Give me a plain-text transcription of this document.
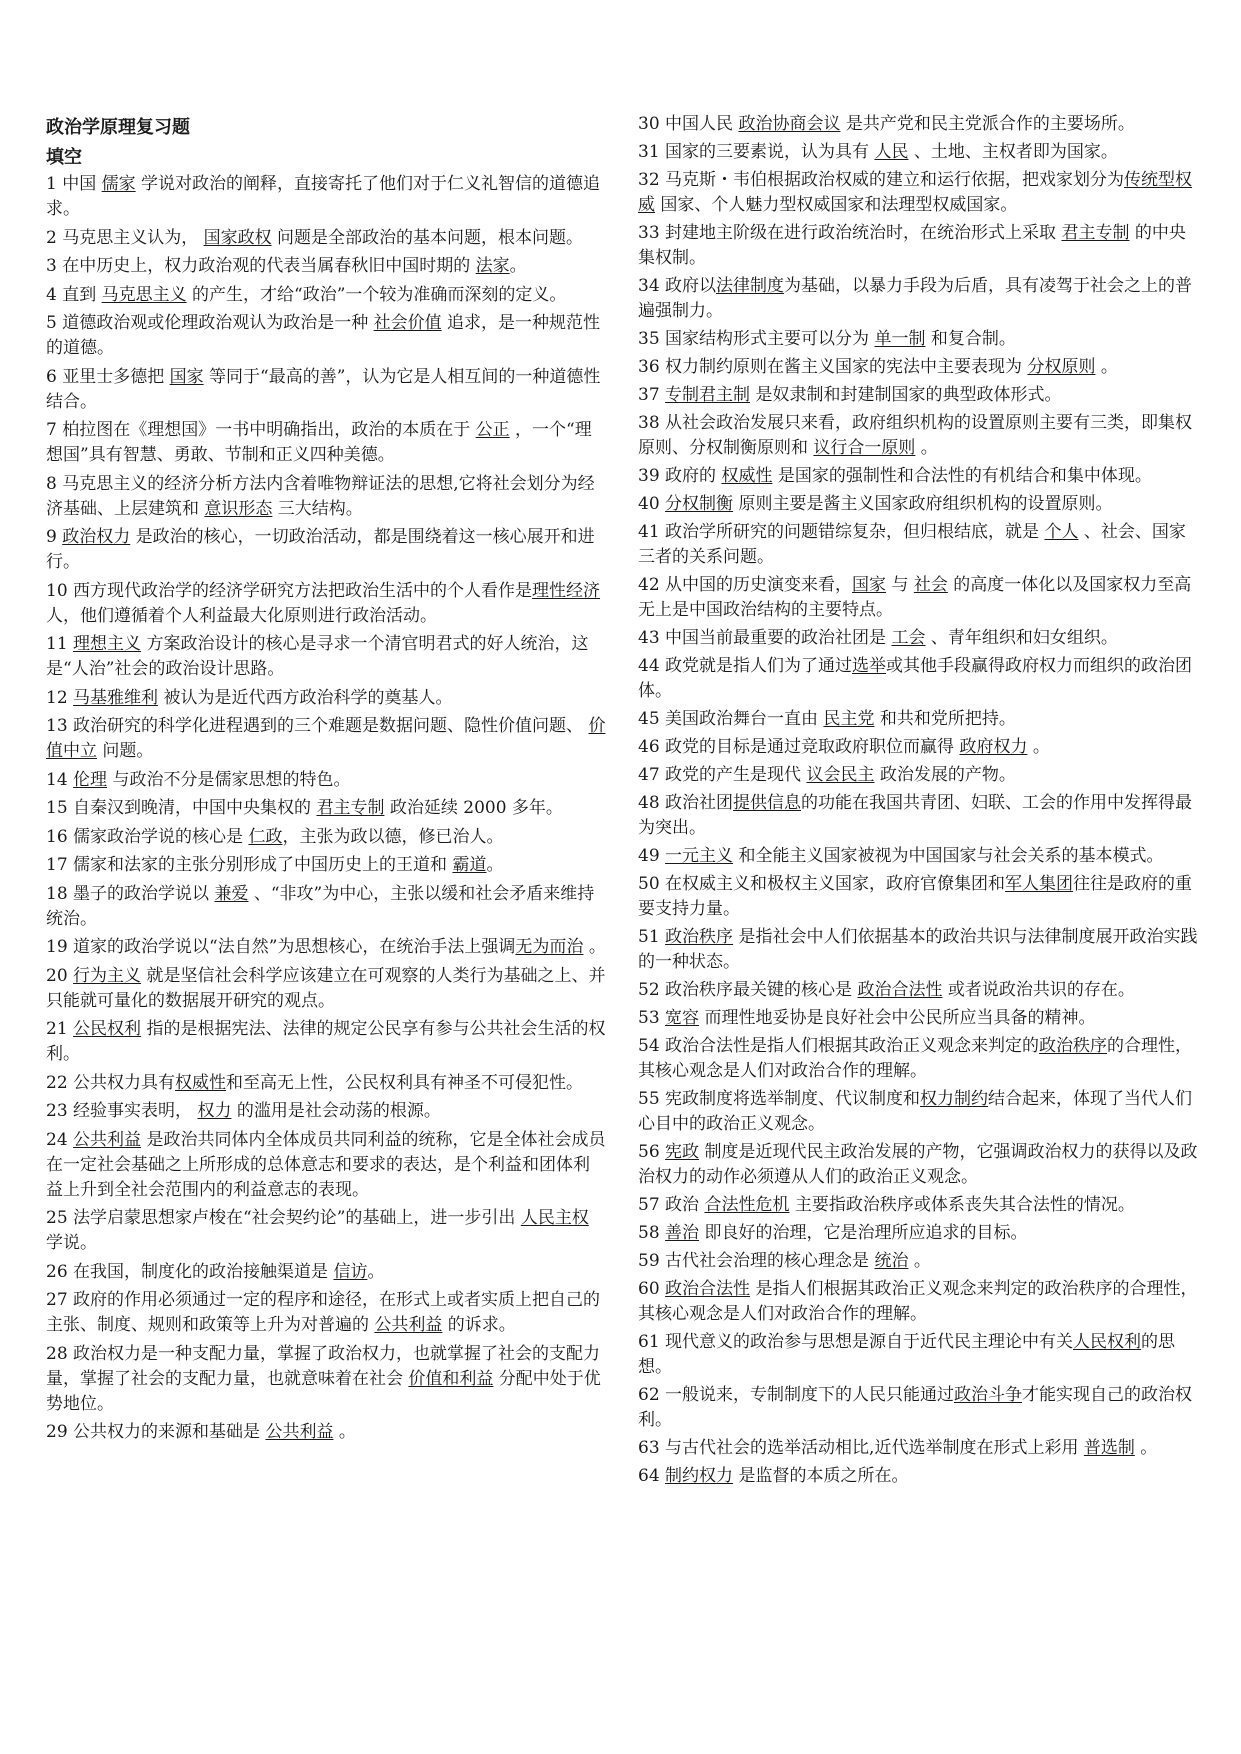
政治学原理复习题

填空

1 中国 儒家 学说对政治的阐释，直接寄托了他们对于仁义礼智信的道德追求。

2 马克思主义认为， 国家政权 问题是全部政治的基本问题，根本问题。

3 在中历史上，权力政治观的代表当属春秋旧中国时期的 法家。

4 直到 马克思主义 的产生，才给“政治”一个较为准确而深刻的定义。

5 道德政治观或伦理政治观认为政治是一种 社会价值 追求，是一种规范性的道德。

6 亚里士多德把 国家 等同于“最高的善”，认为它是人相互间的一种道德性结合。

7 柏拉图在《理想国》一书中明确指出，政治的本质在于 公正 ，一个“理想国”具有智慧、勇敢、节制和正义四种美德。

8 马克思主义的经济分析方法内含着唯物辩证法的思想,它将社会划分为经济基础、上层建筑和 意识形态 三大结构。

9 政治权力 是政治的核心，一切政治活动，都是围绕着这一核心展开和进行。

10 西方现代政治学的经济学研究方法把政治生活中的个人看作是理性经济 人，他们遵循着个人利益最大化原则进行政治活动。

11 理想主义 方案政治设计的核心是寻求一个清官明君式的好人统治，这是“人治”社会的政治设计思路。

12 马基雅维利 被认为是近代西方政治科学的奠基人。

13 政治研究的科学化进程遇到的三个难题是数据问题、隐性价值问题、 价值中立 问题。

14 伦理 与政治不分是儒家思想的特色。

15 自秦汉到晚清，中国中央集权的 君主专制 政治延续 2000 多年。

16 儒家政治学说的核心是 仁政，主张为政以德，修已治人。

17 儒家和法家的主张分别形成了中国历史上的王道和 霸道。

18 墨子的政治学说以 兼爱 、“非攻”为中心，主张以缓和社会矛盾来维持统治。

19 道家的政治学说以“法自然”为思想核心，在统治手法上强调无为而治 。

20 行为主义 就是坚信社会科学应该建立在可观察的人类行为基础之上、并只能就可量化的数据展开研究的观点。

21 公民权利 指的是根据宪法、法律的规定公民享有参与公共社会生活的权利。

22 公共权力具有权威性和至高无上性，公民权利具有神圣不可侵犯性。

23 经验事实表明， 权力 的滥用是社会动荡的根源。

24 公共利益 是政治共同体内全体成员共同利益的统称，它是全体社会成员在一定社会基础之上所形成的总体意志和要求的表达，是个利益和团体利益上升到全社会范围内的利益意志的表现。

25 法学启蒙思想家卢梭在“社会契约论”的基础上，进一步引出 人民主权 学说。

26 在我国，制度化的政治接触渠道是 信访。

27 政府的作用必须通过一定的程序和途径，在形式上或者实质上把自己的主张、制度、规则和政策等上升为对普遍的 公共利益 的诉求。

28 政治权力是一种支配力量，掌握了政治权力，也就掌握了社会的支配力量，掌握了社会的支配力量，也就意味着在社会 价值和利益 分配中处于优势地位。

29 公共权力的来源和基础是 公共利益 。

30 中国人民 政治协商会议 是共产党和民主党派合作的主要场所。

31 国家的三要素说，认为具有 人民 、土地、主权者即为国家。

32 马克斯・韦伯根据政治权威的建立和运行依据，把戏家划分为传统型权威 国家、个人魅力型权威国家和法理型权威国家。

33 封建地主阶级在进行政治统治时，在统治形式上采取 君主专制 的中央集权制。

34 政府以法律制度为基础，以暴力手段为后盾，具有凌驾于社会之上的普遍强制力。

35 国家结构形式主要可以分为 单一制 和复合制。

36 权力制约原则在酱主义国家的宪法中主要表现为 分权原则 。

37 专制君主制 是奴隶制和封建制国家的典型政体形式。

38 从社会政治发展只来看，政府组织机构的设置原则主要有三类，即集权原则、分权制衡原则和 议行合一原则 。

39 政府的 权威性 是国家的强制性和合法性的有机结合和集中体现。

40 分权制衡 原则主要是酱主义国家政府组织机构的设置原则。

41 政治学所研究的问题错综复杂，但归根结底，就是 个人 、社会、国家三者的关系问题。

42 从中国的历史演变来看，国家 与 社会 的高度一体化以及国家权力至高无上是中国政治结构的主要特点。

43 中国当前最重要的政治社团是 工会 、青年组织和妇女组织。

44 政党就是指人们为了通过选举或其他手段赢得政府权力而组织的政治团体。

45 美国政治舞台一直由 民主党 和共和党所把持。

46 政党的目标是通过竞取政府职位而赢得 政府权力 。

47 政党的产生是现代 议会民主 政治发展的产物。

48 政治社团提供信息的功能在我国共青团、妇联、工会的作用中发挥得最为突出。

49 一元主义 和全能主义国家被视为中国国家与社会关系的基本模式。

50 在权威主义和极权主义国家，政府官僚集团和军人集团往往是政府的重要支持力量。

51 政治秩序 是指社会中人们依据基本的政治共识与法律制度展开政治实践的一种状态。

52 政治秩序最关键的核心是 政治合法性 或者说政治共识的存在。

53 宽容 而理性地妥协是良好社会中公民所应当具备的精神。

54 政治合法性是指人们根据其政治正义观念来判定的政治秩序的合理性，其核心观念是人们对政治合作的理解。

55 宪政制度将选举制度、代议制度和权力制约结合起来，体现了当代人们心目中的政治正义观念。

56 宪政 制度是近现代民主政治发展的产物，它强调政治权力的获得以及政治权力的动作必须遵从人们的政治正义观念。

57 政治 合法性危机 主要指政治秩序或体系丧失其合法性的情况。

58 善治 即良好的治理，它是治理所应追求的目标。

59 古代社会治理的核心理念是 统治 。

60 政治合法性 是指人们根据其政治正义观念来判定的政治秩序的合理性，其核心观念是人们对政治合作的理解。

61 现代意义的政治参与思想是源自于近代民主理论中有关人民权利的思想。

62 一般说来，专制制度下的人民只能通过政治斗争才能实现自己的政治权利。

63 与古代社会的选举活动相比,近代选举制度在形式上彩用 普选制 。

64 制约权力 是监督的本质之所在。
